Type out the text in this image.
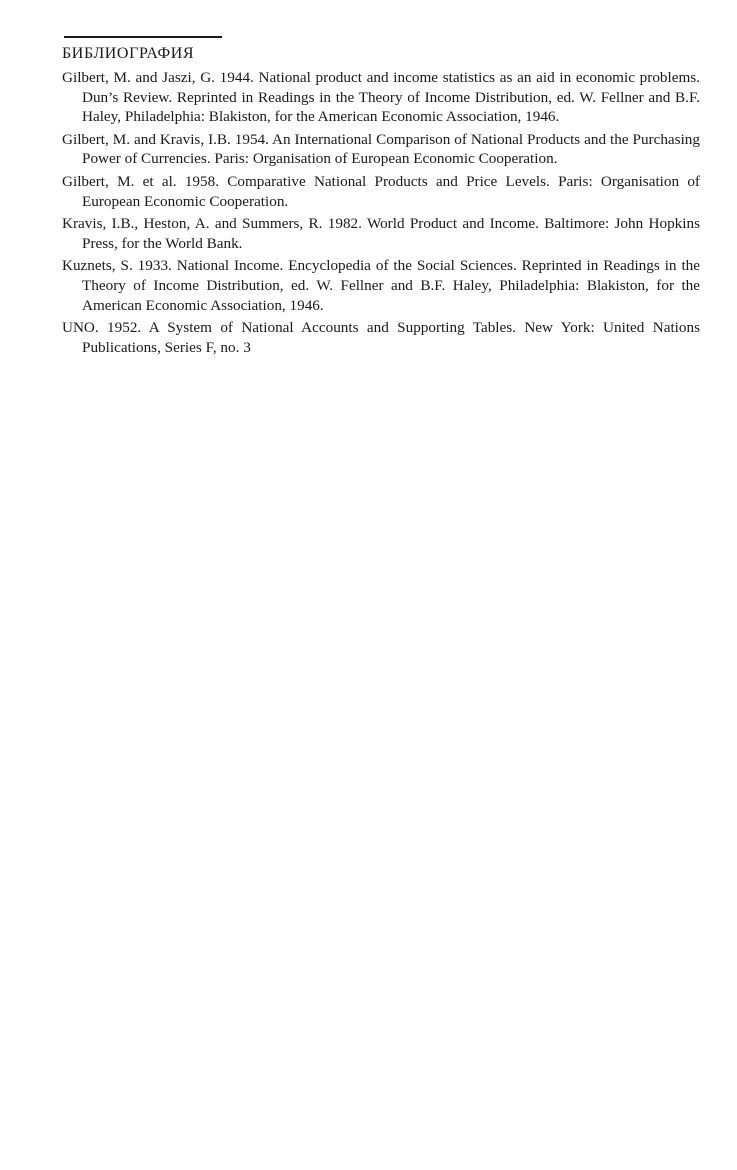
БИБЛИОГРАФИЯ
Gilbert, M. and Jaszi, G. 1944. National product and income statistics as an aid in economic problems. Dun’s Review. Reprinted in Readings in the Theory of Income Distribution, ed. W. Fellner and B.F. Haley, Philadelphia: Blakiston, for the American Economic Association, 1946.
Gilbert, M. and Kravis, I.B. 1954. An International Comparison of National Products and the Purchasing Power of Currencies. Paris: Organisation of European Economic Cooperation.
Gilbert, M. et al. 1958. Comparative National Products and Price Levels. Paris: Organisation of European Economic Cooperation.
Kravis, I.B., Heston, A. and Summers, R. 1982. World Product and Income. Baltimore: John Hopkins Press, for the World Bank.
Kuznets, S. 1933. National Income. Encyclopedia of the Social Sciences. Reprinted in Readings in the Theory of Income Distribution, ed. W. Fellner and B.F. Haley, Philadelphia: Blakiston, for the American Economic Association, 1946.
UNO. 1952. A System of National Accounts and Supporting Tables. New York: United Nations Publications, Series F, no. 3
